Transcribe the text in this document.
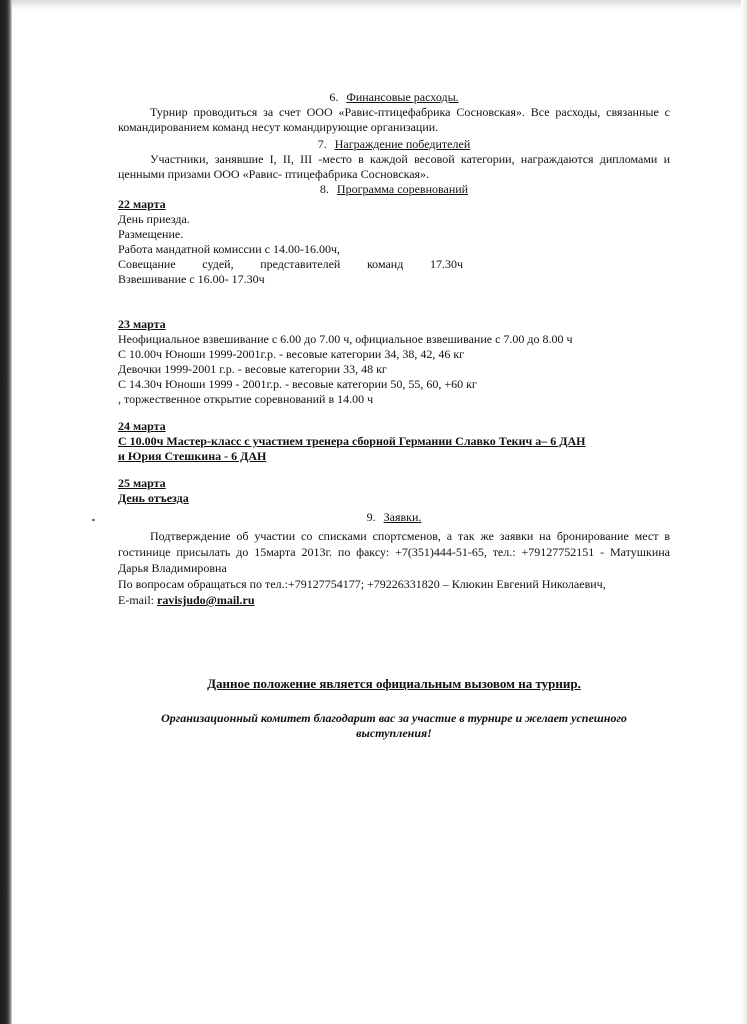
6. Финансовые расходы.

Турнир проводиться за счет ООО «Равис-птицефабрика Сосновская». Все расходы, связанные с командированием команд несут командирующие организации.

7. Награждение победителей

Участники, занявшие I, II, III -место в каждой весовой категории, награждаются дипломами и ценными призами ООО «Равис- птицефабрика Сосновская».

8. Программа соревнований

22 марта

День приезда.

Размещение.

Работа мандатной комиссии с 14.00-16.00ч,

Совещание судей, представителей команд 17.30ч

Взвешивание с 16.00- 17.30ч

23 марта

Неофициальное взвешивание с 6.00 до 7.00 ч, официальное взвешивание с 7.00 до 8.00 ч

С 10.00ч Юноши 1999-2001г.р. - весовые категории 34, 38, 42, 46 кг

Девочки 1999-2001 г.р. - весовые категории 33, 48 кг

С 14.30ч Юноши 1999 - 2001г.р. - весовые категории 50, 55, 60, +60 кг

, торжественное открытие соревнований в 14.00 ч

24 марта

С 10.00ч Мастер-класс с участием тренера сборной Германии Славко Текич а– 6 ДАН

и Юрия Стешкина - 6 ДАН

25 марта

День отъезда

9. Заявки.

Подтверждение об участии со списками спортсменов, а так же заявки на бронирование мест в гостинице присылать до 15марта 2013г. по факсу: +7(351)444-51-65, тел.: +79127752151 - Матушкина Дарья Владимировна

По вопросам обращаться по тел.:+79127754177; +79226331820 – Клюкин Евгений Николаевич,

E-mail: ravisjudo@mail.ru

Данное положение является официальным вызовом на турнир.

Организационный комитет благодарит вас за участие в турнире и желает успешного выступления!
